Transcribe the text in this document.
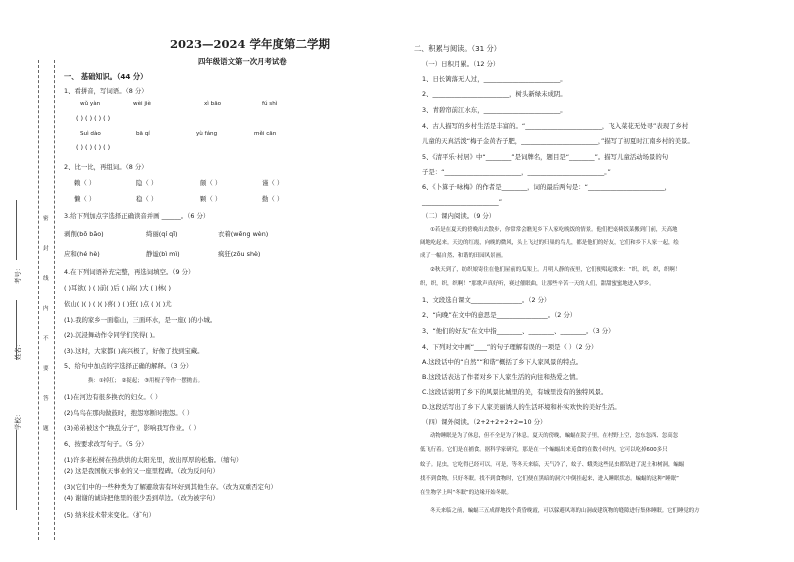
学校：
姓名：
考号：
密
封
线
内
不
要
答
题
2023—2024 学年度第二学期
四年级语文第一次月考试卷
一、 基础知识。（44 分）
1、看拼音，写词语。（8 分）
wǔ yàn	wèi jiè	xì bāo	fú shì
( ) ( ) ( ) ( )
Suì dào	bā qí	yù fáng	měi cān
( ) ( ) ( ) ( )
2、比一比，再组词。（8 分）
赖（ ）	隐（ ）	颇（ ）	谨（ ）
懒（ ）	稳（ ）	颗（ ）	勤（ ）
3.给下列加点字选择正确读音并画 ______。（6 分）
剥削(bō bāo)	绮丽(qí qǐ)	衣着(wēng wèn)
应和(hé hè)	静谧(bì mì)	疯狂(zōu shè)
4.在下列词语补充完整，再选词填空。（9 分）
( )耳欲( ) ( )前( )后 ( )高( )大 ( )林( )
依山( )( ) ( )( )喜( ) ( )狂( )点 ( )( )尤
(1).我的家乡一面临山，三面环水，是一座( )的小城。
(2).沉浸舞动作令同学们笑得( )。
(3).这时，大家都( )高兴极了，好像了找到宝藏。
5、给句中加点的字选择正确的解释。（3 分）
换：①掉扛； ②捉起； ③用棍子等作一摆抛击。
(1)在河边有很多换衣的妇女。（ ）
(2)鸟鸟在那肉做鼓时，抱怨寒断时抱怨。（ ）
(3)弟弟被这个“换乱分子”，影响我写作业。（ ）
6、按要求改写句子。（5 分）
(1)许多老松树在热烘烘的太阳光里，放出厚厚的松脂。（缩句）
(2) 这是我国航天事业的又一座里程碑。（改为反问句）
(3)(它们中的一些种类为了解避敌害有坏好到其他生存。（改为双重否定句）
(4) 谢谢的诚诗把他里的很少丢到草边。（改为被字句）
(5) 纳米技术带来变化。（扩句）
二、积累与阅读。（31 分）
（一）日积月累。（12 分）
1、日长篱落无人过，________________________。
2、________________________，树头新绿未成阴。
3、青碧帘前江水东，________________________。
4、古人描写的乡村生活是丰富的。“________________________，飞入菜花无处寻”表现了乡村
儿童的天真活泼“梅子金黄杏子肥，________________________，”描写了初夏时江南乡村的美景。
5、《清平乐·村居》中“________”是词牌名，题目是“________”。描写儿童活动场景的句
子是：“________________________，________________________。”
6、《卜算子·咏梅》的作者是________，词的最后两句是：“________________________，
________________________”
（二）课内阅读。（9 分）
①若是在夏天的傍晚出去散步，你常常会瞧见乡下人家吃晚饭的情景。他们把桌椅饭菜搬到门前，天高地
阔地吃起来。天边的红霞，向晚的微风，头上飞过的归巢的鸟儿，都是他们的好友，它们和乡下人家一起，绘
成了一幅自然、和谐的田园风景画。
②秋天到了，纺织娘寄住在他们屋前的瓜架上。月明人静的夜里，它们便唱起歌来：“织，织，织，织啊！
织，织，织，织啊！”那歌声真好听，赛过催眠曲，让那些辛苦一天的人们，甜甜蜜蜜地进入梦乡。
1、文段选自课文________________。（2 分）
2、“向晚”在文中的意思是________________。（2 分）
3、“他们的好友”在文中指________、________、________。（3 分）
4、下列对文中画“____”的句子理解有误的一项是（ ）（2 分）
A.这段话中的“自然”“和谐”概括了乡下人家风景的特点。
B.这段话表达了作者对乡下人家生活的向往和热爱之情。
C.这段话说明了乡下的风景比城里的美，有城里没有的独特风景。
D.这段话写出了乡下人家美丽诱人的生活环境和朴实欢快的美好生活。
（四）课外阅读。（2+2+2+2+2=10 分）
动物睡眠是为了休息，但不全是为了休息。夏天的傍晚，蝙蝠在院子里，在村野上空，忽东忽西、忽高忽
低飞行着。它们是在捕食。据科学家研究，那是在一个蝙蝠出来觅食的在数小时内，它可以吃掉600多只
蚊子。昆虫，它吃得已经可以，可是，等冬天来临，天气冷了，蚊子、蛾类这些昆虫都钻进了泥土和树洞，蝙蝠
找不到食物，只好冬眠。找不到食物时，它们便在黑暗的洞穴中倒挂起来，进入睡眠状态。蝙蝠的这种“睡眠”
在生物学上叫“冬眠”的边缘开始冬眠。
冬天来临之前，蝙蝠三五成群地找个黄昏晚霞，可以躲避风寒的山洞或建筑物的缝隙进行集体睡眠。它们睡觉的方
